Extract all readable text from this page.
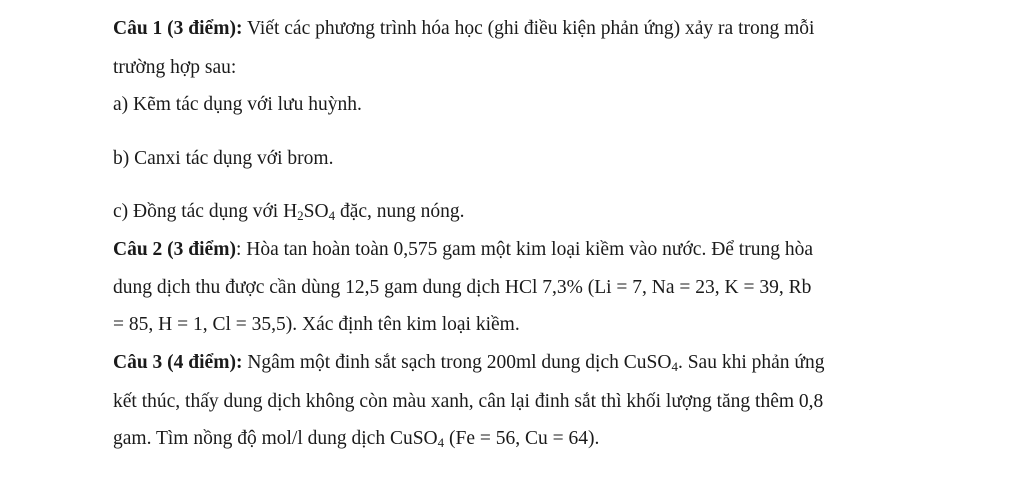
Câu 1 (3 điểm): Viết các phương trình hóa học (ghi điều kiện phản ứng) xảy ra trong mỗi
trường hợp sau:
a) Kẽm tác dụng với lưu huỳnh.
b) Canxi tác dụng với brom.
c) Đồng tác dụng với $H_2SO_4$ đặc, nung nóng.
Câu 2 (3 điểm): Hòa tan hoàn toàn 0,575 gam một kim loại kiềm vào nước. Để trung hòa
dung dịch thu được cần dùng 12,5 gam dung dịch HCl 7,3% (Li = 7, Na = 23, K = 39, Rb
= 85, H = 1, Cl = 35,5). Xác định tên kim loại kiềm.
Câu 3 (4 điểm): Ngâm một đinh sắt sạch trong 200ml dung dịch CuSO$_4$. Sau khi phản ứng
kết thúc, thấy dung dịch không còn màu xanh, cân lại đinh sắt thì khối lượng tăng thêm 0,8
gam. Tìm nồng độ mol/l dung dịch CuSO$_4$ (Fe = 56, Cu = 64).
